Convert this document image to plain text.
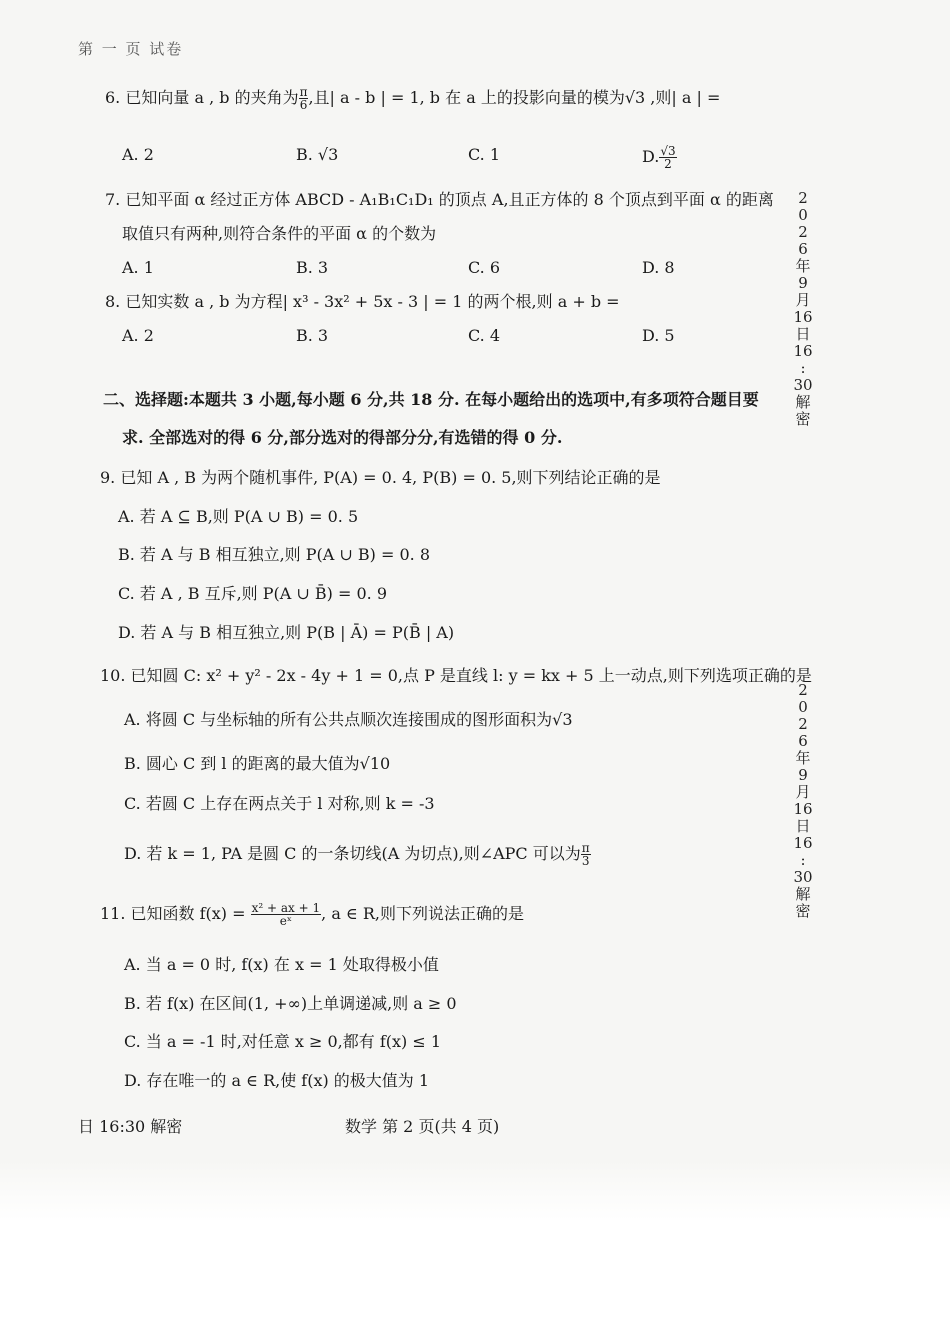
第 一 页 试卷
6. 已知向量 a , b 的夹角为 $\frac{\pi}{6}$ ,且| a - b | = 1, b 在 a 上的投影向量的模为√3 ,则| a | =
A. 2	B. √3	C. 1	D. $\frac{√3}{2}$
7. 已知平面 α 经过正方体 ABCD - A₁B₁C₁D₁ 的顶点 A,且正方体的 8 个顶点到平面 α 的距离
取值只有两种,则符合条件的平面 α 的个数为
A. 1	B. 3	C. 6	D. 8
8. 已知实数 a , b 为方程| x³ - 3x² + 5x - 3 | = 1 的两个根,则 a + b =
A. 2	B. 3	C. 4	D. 5
二、选择题:本题共 3 小题,每小题 6 分,共 18 分. 在每小题给出的选项中,有多项符合题目要
求. 全部选对的得 6 分,部分选对的得部分分,有选错的得 0 分.
9. 已知 A , B 为两个随机事件, P(A) = 0. 4, P(B) = 0. 5,则下列结论正确的是
A. 若 A ⊆ B,则 P(A ∪ B) = 0. 5
B. 若 A 与 B 相互独立,则 P(A ∪ B) = 0. 8
C. 若 A , B 互斥,则 P(A ∪ B̄) = 0. 9
D. 若 A 与 B 相互独立,则 P(B | Ā) = P(B̄ | A)
10. 已知圆 C: x² + y² - 2x - 4y + 1 = 0,点 P 是直线 l: y = kx + 5 上一动点,则下列选项正确的是
A. 将圆 C 与坐标轴的所有公共点顺次连接围成的图形面积为√3
B. 圆心 C 到 l 的距离的最大值为√10
C. 若圆 C 上存在两点关于 l 对称,则 k = -3
D. 若 k = 1, PA 是圆 C 的一条切线(A 为切点),则∠APC 可以为 $\frac{\pi}{3}$
11. 已知函数 $f(x) = \frac{\text{x² + ax + 1}}{\text{eˣ}}$ , a ∈ R,则下列说法正确的是
A. 当 a = 0 时, f(x) 在 x = 1 处取得极小值
B. 若 f(x) 在区间(1, +∞)上单调递减,则 a ≥ 0
C. 当 a = -1 时,对任意 x ≥ 0,都有 f(x) ≤ 1
D. 存在唯一的 a ∈ R,使 f(x) 的极大值为 1
日 16:30 解密	数学 第 2 页(共 4 页)
2
0
2
6
年
9
月
16
日
16
:
30
解
密
2
0
2
6
年
9
月
16
日
16
:
30
解
密
